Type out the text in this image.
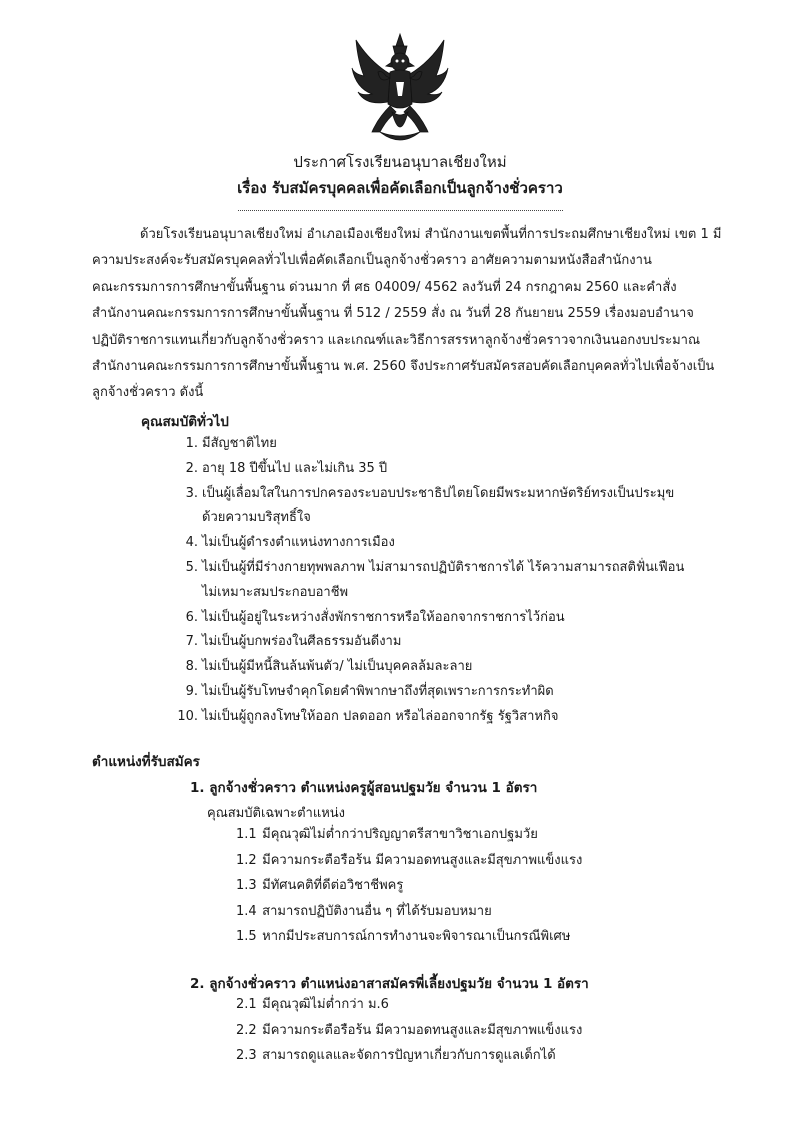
ประกาศโรงเรียนอนุบาลเชียงใหม่
เรื่อง รับสมัครบุคคลเพื่อคัดเลือกเป็นลูกจ้างชั่วคราว
ด้วยโรงเรียนอนุบาลเชียงใหม่ อำเภอเมืองเชียงใหม่ สำนักงานเขตพื้นที่การประถมศึกษาเชียงใหม่ เขต 1 มี
ความประสงค์จะรับสมัครบุคคลทั่วไปเพื่อคัดเลือกเป็นลูกจ้างชั่วคราว อาศัยความตามหนังสือสำนักงาน
คณะกรรมการการศึกษาขั้นพื้นฐาน ด่วนมาก ที่ ศธ 04009/ 4562 ลงวันที่ 24 กรกฎาคม 2560 และคำสั่ง
สำนักงานคณะกรรมการการศึกษาขั้นพื้นฐาน ที่ 512 / 2559 สั่ง ณ วันที่ 28 กันยายน 2559 เรื่องมอบอำนาจ
ปฏิบัติราชการแทนเกี่ยวกับลูกจ้างชั่วคราว และเกณฑ์และวิธีการสรรหาลูกจ้างชั่วคราวจากเงินนอกงบประมาณ
สำนักงานคณะกรรมการการศึกษาขั้นพื้นฐาน พ.ศ. 2560 จึงประกาศรับสมัครสอบคัดเลือกบุคคลทั่วไปเพื่อจ้างเป็น
ลูกจ้างชั่วคราว ดังนี้
คุณสมบัติทั่วไป
1. มีสัญชาติไทย
2. อายุ 18 ปีขึ้นไป และไม่เกิน 35 ปี
3. เป็นผู้เลื่อมใสในการปกครองระบอบประชาธิปไตยโดยมีพระมหากษัตริย์ทรงเป็นประมุข
ด้วยความบริสุทธิ์ใจ
4. ไม่เป็นผู้ดำรงตำแหน่งทางการเมือง
5. ไม่เป็นผู้ที่มีร่างกายทุพพลภาพ ไม่สามารถปฏิบัติราชการได้ ไร้ความสามารถสติฟั่นเฟือน
ไม่เหมาะสมประกอบอาชีพ
6. ไม่เป็นผู้อยู่ในระหว่างสั่งพักราชการหรือให้ออกจากราชการไว้ก่อน
7. ไม่เป็นผู้บกพร่องในศีลธรรมอันดีงาม
8. ไม่เป็นผู้มีหนี้สินล้นพ้นตัว/ ไม่เป็นบุคคลล้มละลาย
9. ไม่เป็นผู้รับโทษจำคุกโดยคำพิพากษาถึงที่สุดเพราะการกระทำผิด
10. ไม่เป็นผู้ถูกลงโทษให้ออก ปลดออก หรือไล่ออกจากรัฐ รัฐวิสาหกิจ
ตำแหน่งที่รับสมัคร
1. ลูกจ้างชั่วคราว ตำแหน่งครูผู้สอนปฐมวัย จำนวน 1 อัตรา
คุณสมบัติเฉพาะตำแหน่ง
1.1 มีคุณวุฒิไม่ต่ำกว่าปริญญาตรีสาขาวิชาเอกปฐมวัย
1.2 มีความกระตือรือร้น มีความอดทนสูงและมีสุขภาพแข็งแรง
1.3 มีทัศนคติที่ดีต่อวิชาชีพครู
1.4 สามารถปฏิบัติงานอื่น ๆ ที่ได้รับมอบหมาย
1.5 หากมีประสบการณ์การทำงานจะพิจารณาเป็นกรณีพิเศษ
2. ลูกจ้างชั่วคราว ตำแหน่งอาสาสมัครพี่เลี้ยงปฐมวัย จำนวน 1 อัตรา
2.1 มีคุณวุฒิไม่ต่ำกว่า ม.6
2.2 มีความกระตือรือร้น มีความอดทนสูงและมีสุขภาพแข็งแรง
2.3 สามารถดูแลและจัดการปัญหาเกี่ยวกับการดูแลเด็กได้
